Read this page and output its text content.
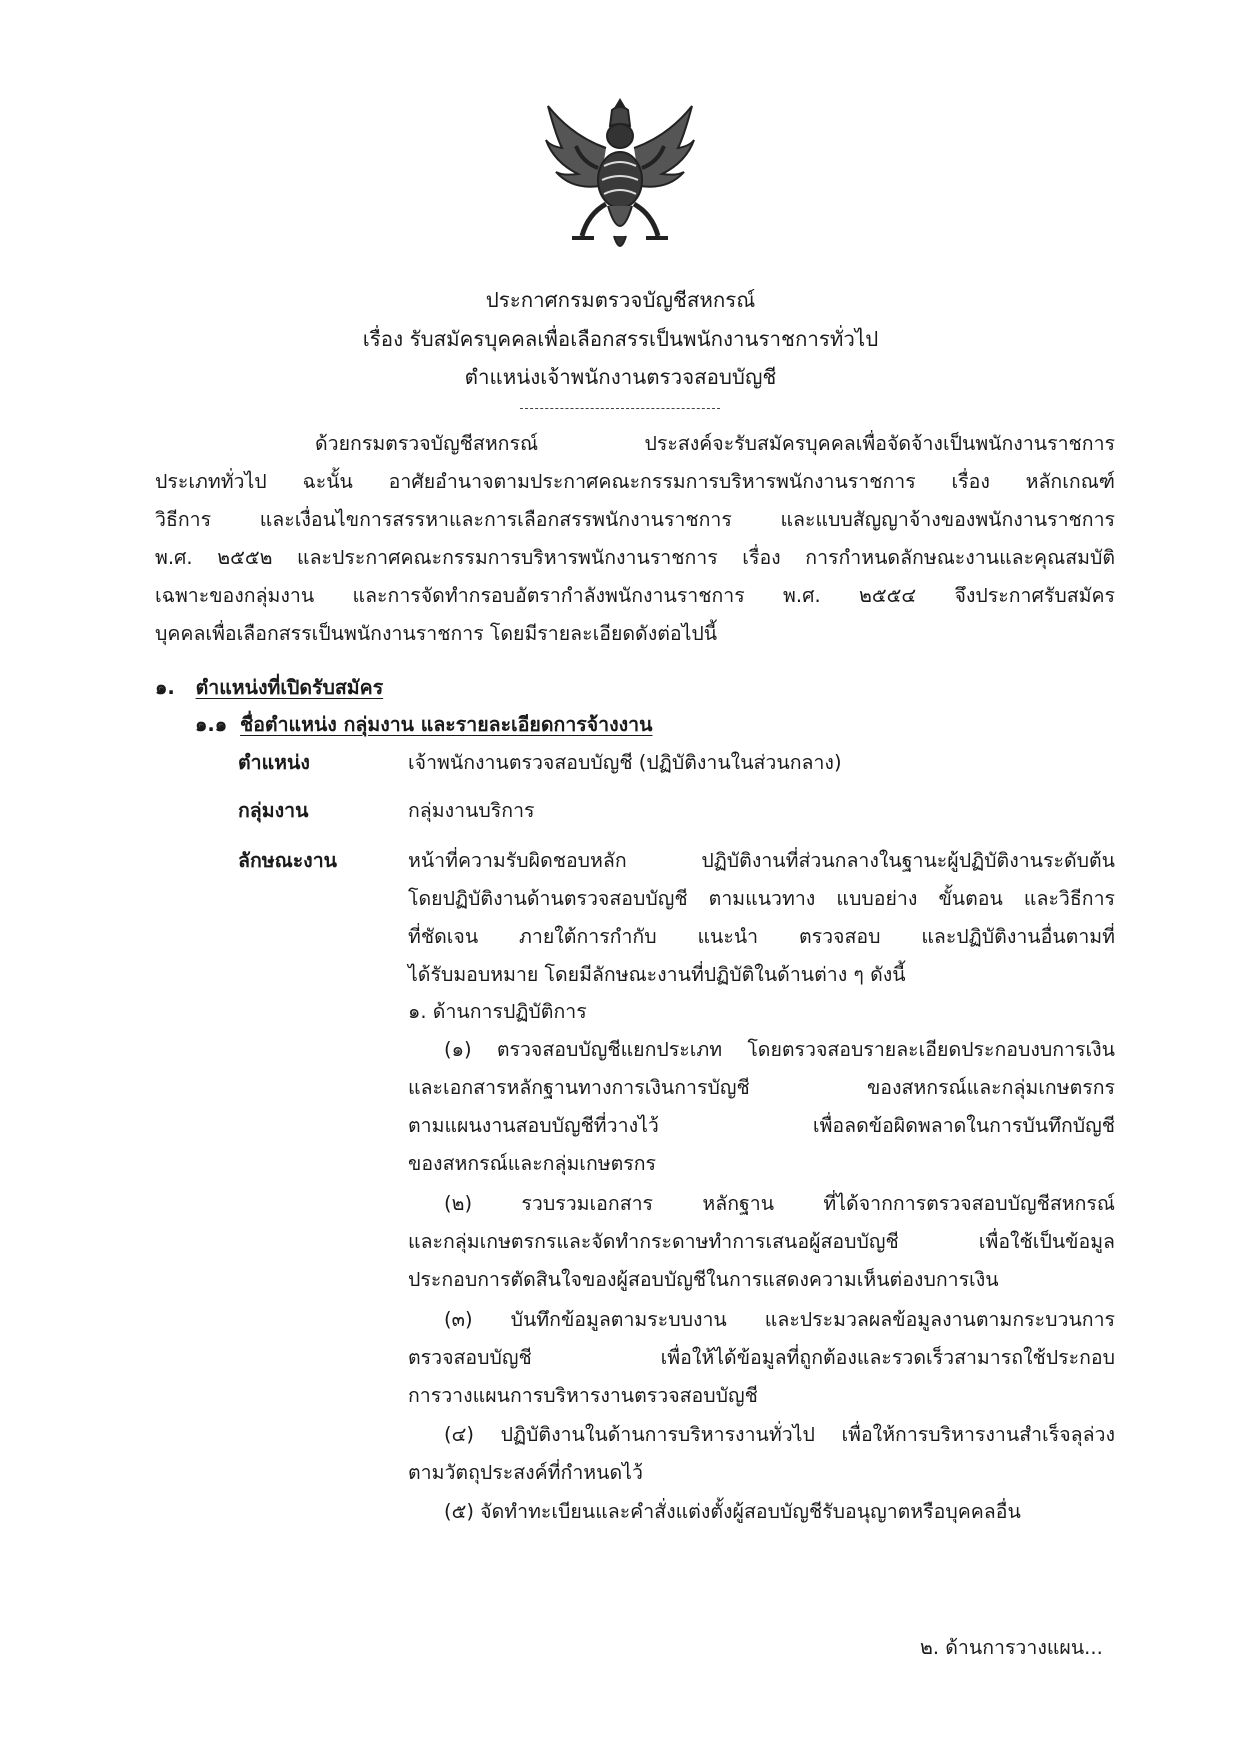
ประกาศกรมตรวจบัญชีสหกรณ์
เรื่อง รับสมัครบุคคลเพื่อเลือกสรรเป็นพนักงานราชการทั่วไป
ตำแหน่งเจ้าพนักงานตรวจสอบบัญชี
ด้วยกรมตรวจบัญชีสหกรณ์ ประสงค์จะรับสมัครบุคคลเพื่อจัดจ้างเป็นพนักงานราชการ
ประเภททั่วไป ฉะนั้น อาศัยอำนาจตามประกาศคณะกรรมการบริหารพนักงานราชการ เรื่อง หลักเกณฑ์
วิธีการ และเงื่อนไขการสรรหาและการเลือกสรรพนักงานราชการ และแบบสัญญาจ้างของพนักงานราชการ
พ.ศ. ๒๕๕๒ และประกาศคณะกรรมการบริหารพนักงานราชการ เรื่อง การกำหนดลักษณะงานและคุณสมบัติ
เฉพาะของกลุ่มงาน และการจัดทำกรอบอัตรากำลังพนักงานราชการ พ.ศ. ๒๕๕๔ จึงประกาศรับสมัคร
บุคคลเพื่อเลือกสรรเป็นพนักงานราชการ โดยมีรายละเอียดดังต่อไปนี้
๑. ตำแหน่งที่เปิดรับสมัคร
๑.๑ ชื่อตำแหน่ง กลุ่มงาน และรายละเอียดการจ้างงาน
ตำแหน่ง	เจ้าพนักงานตรวจสอบบัญชี (ปฏิบัติงานในส่วนกลาง)
กลุ่มงาน	กลุ่มงานบริการ
ลักษณะงาน	หน้าที่ความรับผิดชอบหลัก ปฏิบัติงานที่ส่วนกลางในฐานะผู้ปฏิบัติงานระดับต้น
โดยปฏิบัติงานด้านตรวจสอบบัญชี ตามแนวทาง แบบอย่าง ขั้นตอน และวิธีการ
ที่ชัดเจน ภายใต้การกำกับ แนะนำ ตรวจสอบ และปฏิบัติงานอื่นตามที่
ได้รับมอบหมาย โดยมีลักษณะงานที่ปฏิบัติในด้านต่าง ๆ ดังนี้
๑. ด้านการปฏิบัติการ
(๑) ตรวจสอบบัญชีแยกประเภท โดยตรวจสอบรายละเอียดประกอบงบการเงิน
และเอกสารหลักฐานทางการเงินการบัญชี ของสหกรณ์และกลุ่มเกษตรกร
ตามแผนงานสอบบัญชีที่วางไว้ เพื่อลดข้อผิดพลาดในการบันทึกบัญชี
ของสหกรณ์และกลุ่มเกษตรกร
(๒) รวบรวมเอกสาร หลักฐาน ที่ได้จากการตรวจสอบบัญชีสหกรณ์
และกลุ่มเกษตรกรและจัดทำกระดาษทำการเสนอผู้สอบบัญชี เพื่อใช้เป็นข้อมูล
ประกอบการตัดสินใจของผู้สอบบัญชีในการแสดงความเห็นต่องบการเงิน
(๓) บันทึกข้อมูลตามระบบงาน และประมวลผลข้อมูลงานตามกระบวนการ
ตรวจสอบบัญชี เพื่อให้ได้ข้อมูลที่ถูกต้องและรวดเร็วสามารถใช้ประกอบ
การวางแผนการบริหารงานตรวจสอบบัญชี
(๔) ปฏิบัติงานในด้านการบริหารงานทั่วไป เพื่อให้การบริหารงานสำเร็จลุล่วง
ตามวัตถุประสงค์ที่กำหนดไว้
(๕) จัดทำทะเบียนและคำสั่งแต่งตั้งผู้สอบบัญชีรับอนุญาตหรือบุคคลอื่น
๒. ด้านการวางแผน...
